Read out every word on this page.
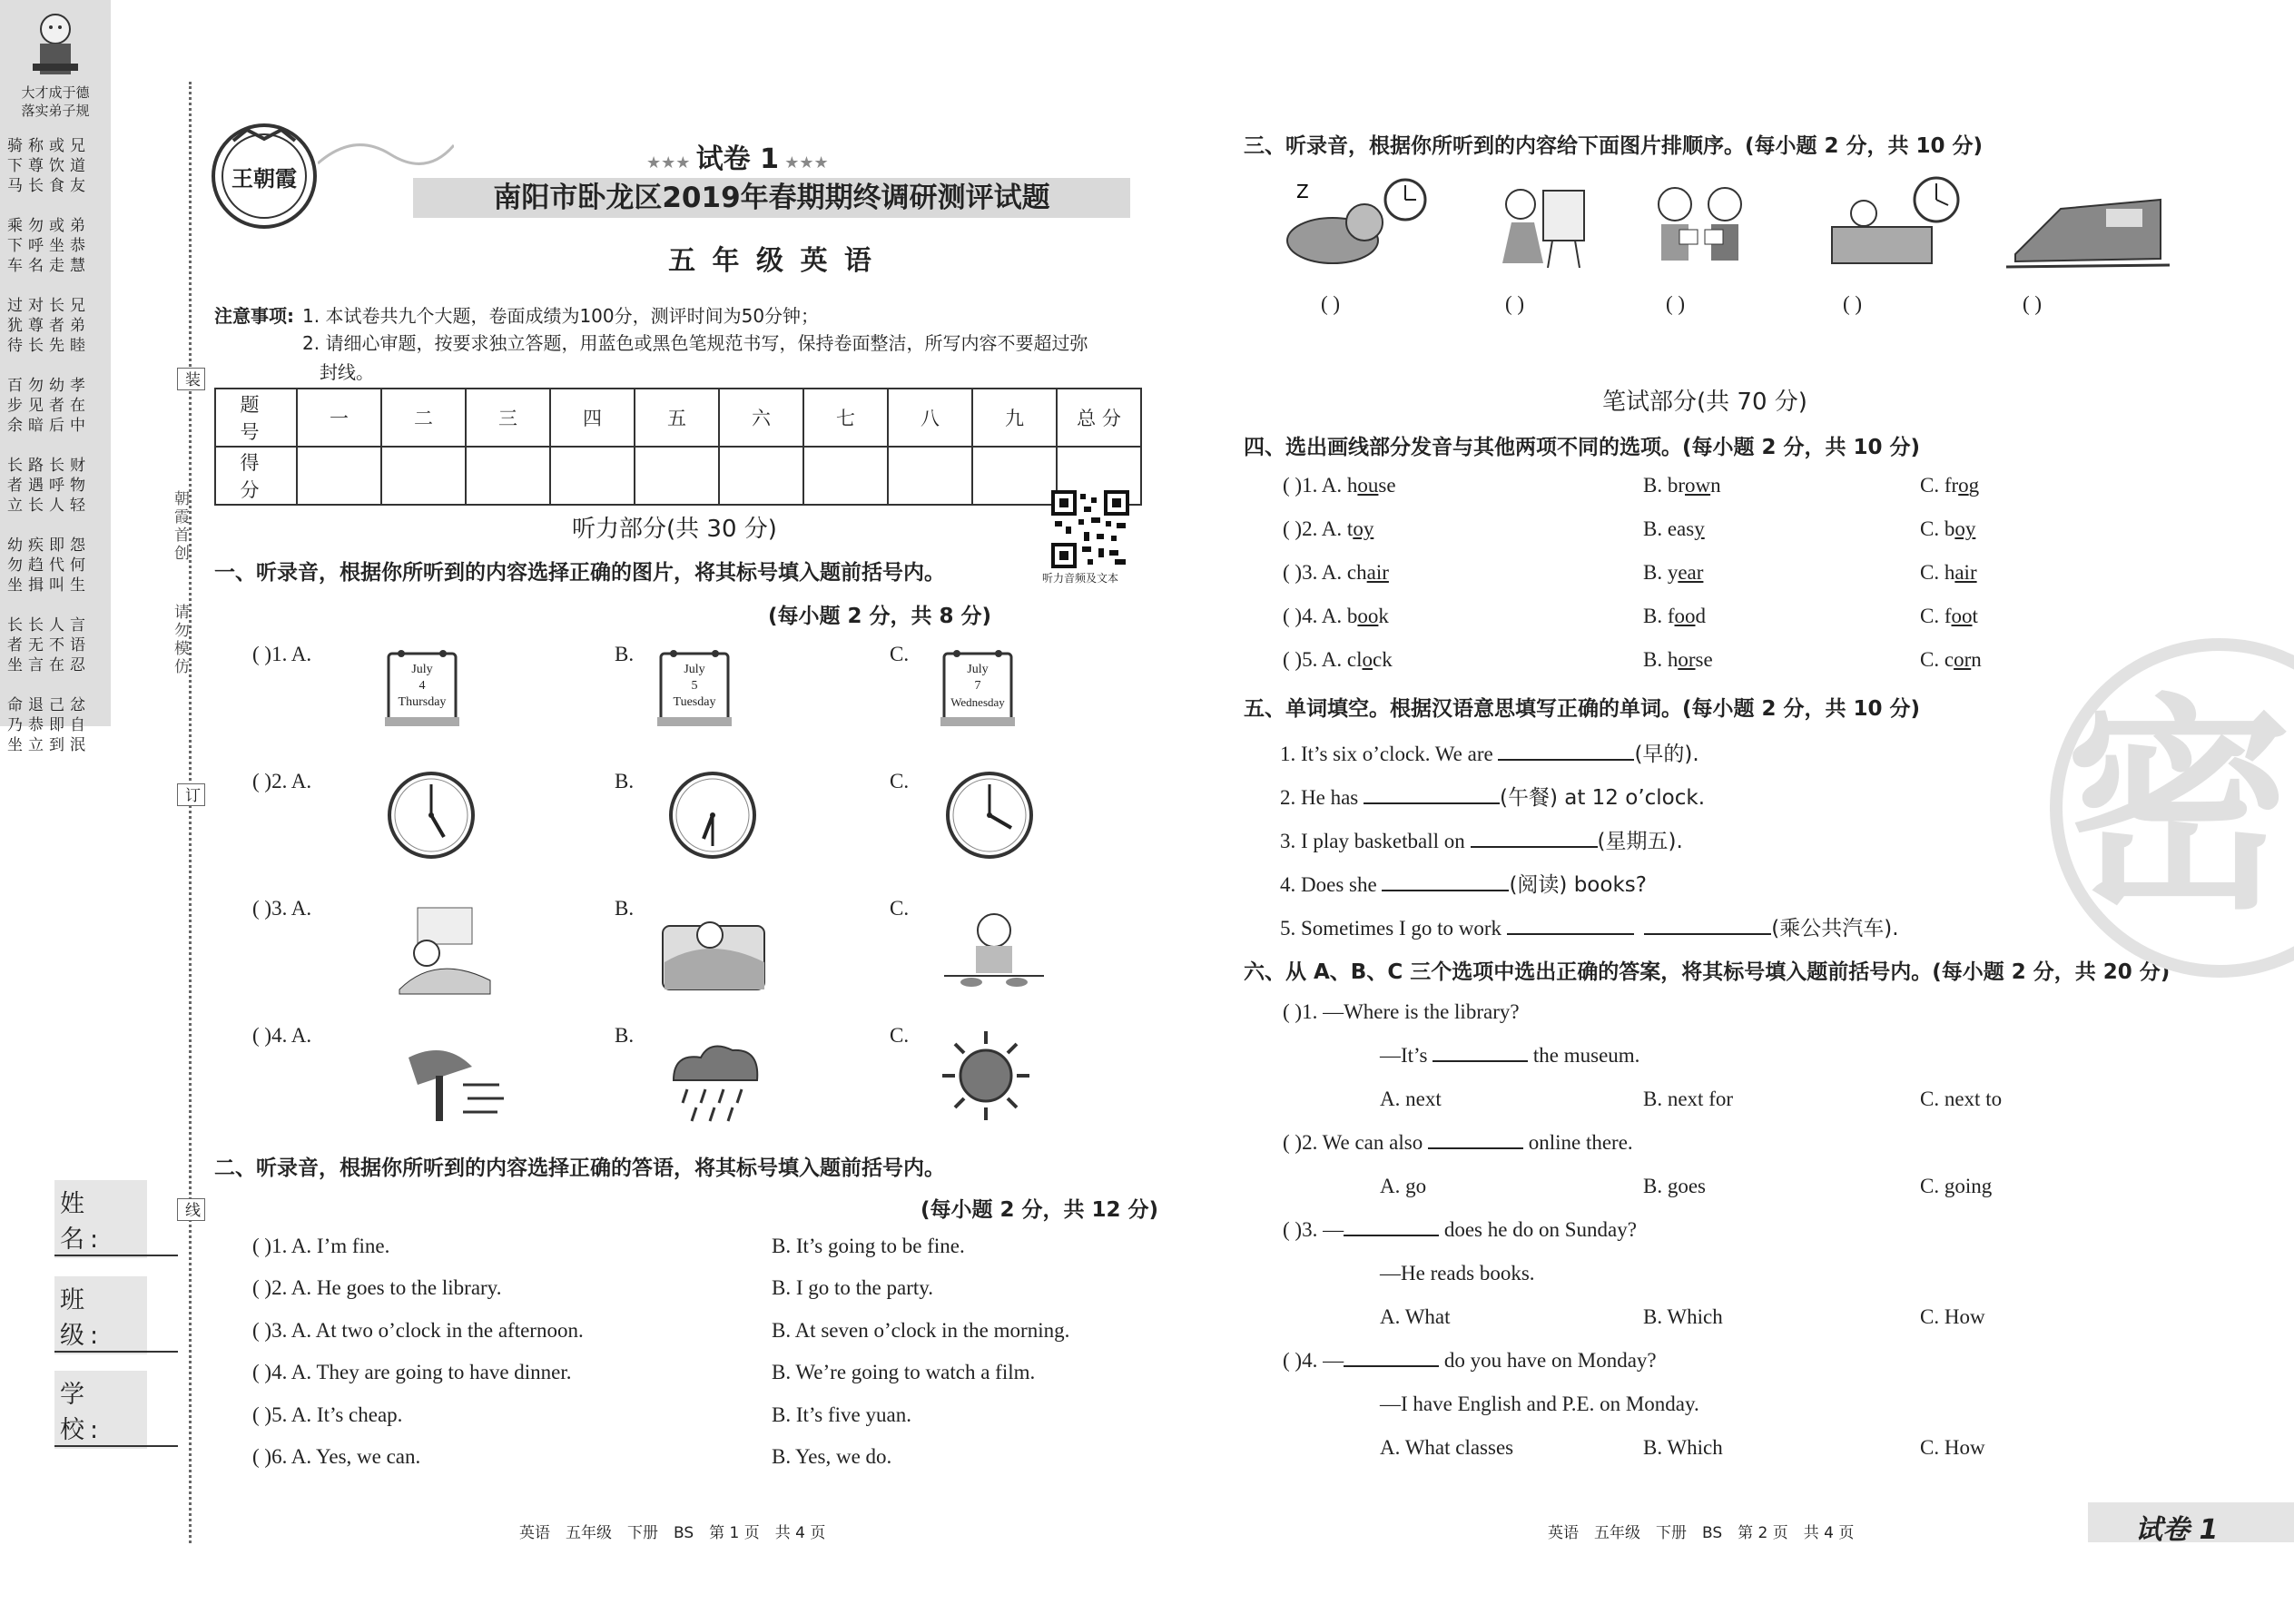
大才成于德
落实弟子规
骑称或兄
下尊饮道
马长食友

乘勿或弟
下呼坐恭
车名走慧

过对长兄
犹尊者弟
待长先睦

百勿幼孝
步见者在
余暗后中

长路长财
者遇呼物
立长人轻

幼疾即怨
勿趋代何
坐揖叫生

长长人言
者无不语
坐言在忍

命退己忿
乃恭即自
坐立到泯
装
订
线
朝霞首创
请勿模仿
姓 名:
班 级:
学 校:
王朝霞
★★★ 试卷 1 ★★★
南阳市卧龙区2019年春期期终调研测评试题
五 年 级 英 语
注意事项: 1. 本试卷共九个大题，卷面成绩为100分，测评时间为50分钟；
2. 请细心审题，按要求独立答题，用蓝色或黑色笔规范书写，保持卷面整洁，所写内容不要超过弥
封线。
题 号	一	二	三	四	五	六	七	八	九	总 分
得 分										
听力音频及文本
听力部分(共 30 分)
一、听录音，根据你所听到的内容选择正确的图片，将其标号填入题前括号内。
(每小题 2 分，共 8 分)
( )1. A.	B.	C.
July
4
Thursday
July
5
Tuesday
July
7
Wednesday
( )2. A.	B.	C.
( )3. A.	B.	C.
( )4. A.	B.	C.
二、听录音，根据你所听到的内容选择正确的答语，将其标号填入题前括号内。
(每小题 2 分，共 12 分)
( )1. A. I’m fine.	B. It’s going to be fine.
( )2. A. He goes to the library.	B. I go to the party.
( )3. A. At two o’clock in the afternoon.	B. At seven o’clock in the morning.
( )4. A. They are going to have dinner.	B. We’re going to watch a film.
( )5. A. It’s cheap.	B. It’s five yuan.
( )6. A. Yes, we can.	B. Yes, we do.
英语　五年级　下册　BS　第 1 页　共 4 页
三、听录音，根据你所听到的内容给下面图片排顺序。(每小题 2 分，共 10 分)
Z
( )	( )	( )	( )	( )
笔试部分(共 70 分)
四、选出画线部分发音与其他两项不同的选项。(每小题 2 分，共 10 分)
( )1. A. house	B. brown	C. frog
( )2. A. toy	B. easy	C. boy
( )3. A. chair	B. year	C. hair
( )4. A. book	B. food	C. foot
( )5. A. clock	B. horse	C. corn
五、单词填空。根据汉语意思填写正确的单词。(每小题 2 分，共 10 分)
1. It’s six o’clock. We are	(早的).
2. He has	(午餐) at 12 o’clock.
3. I play basketball on	(星期五).
4. Does she	(阅读) books?
5. Sometimes I go to work	(乘公共汽车).
六、从 A、B、C 三个选项中选出正确的答案，将其标号填入题前括号内。(每小题 2 分，共 20 分)
( )1. —Where is the library?
—It’s	the museum.
A. next	B. next for	C. next to
( )2. We can also	online there.
A. go	B. goes	C. going
( )3. —	does he do on Sunday?
—He reads books.
A. What	B. Which	C. How
( )4. —	do you have on Monday?
—I have English and P.E. on Monday.
A. What classes	B. Which	C. How
密
英语　五年级　下册　BS　第 2 页　共 4 页	试卷 1
